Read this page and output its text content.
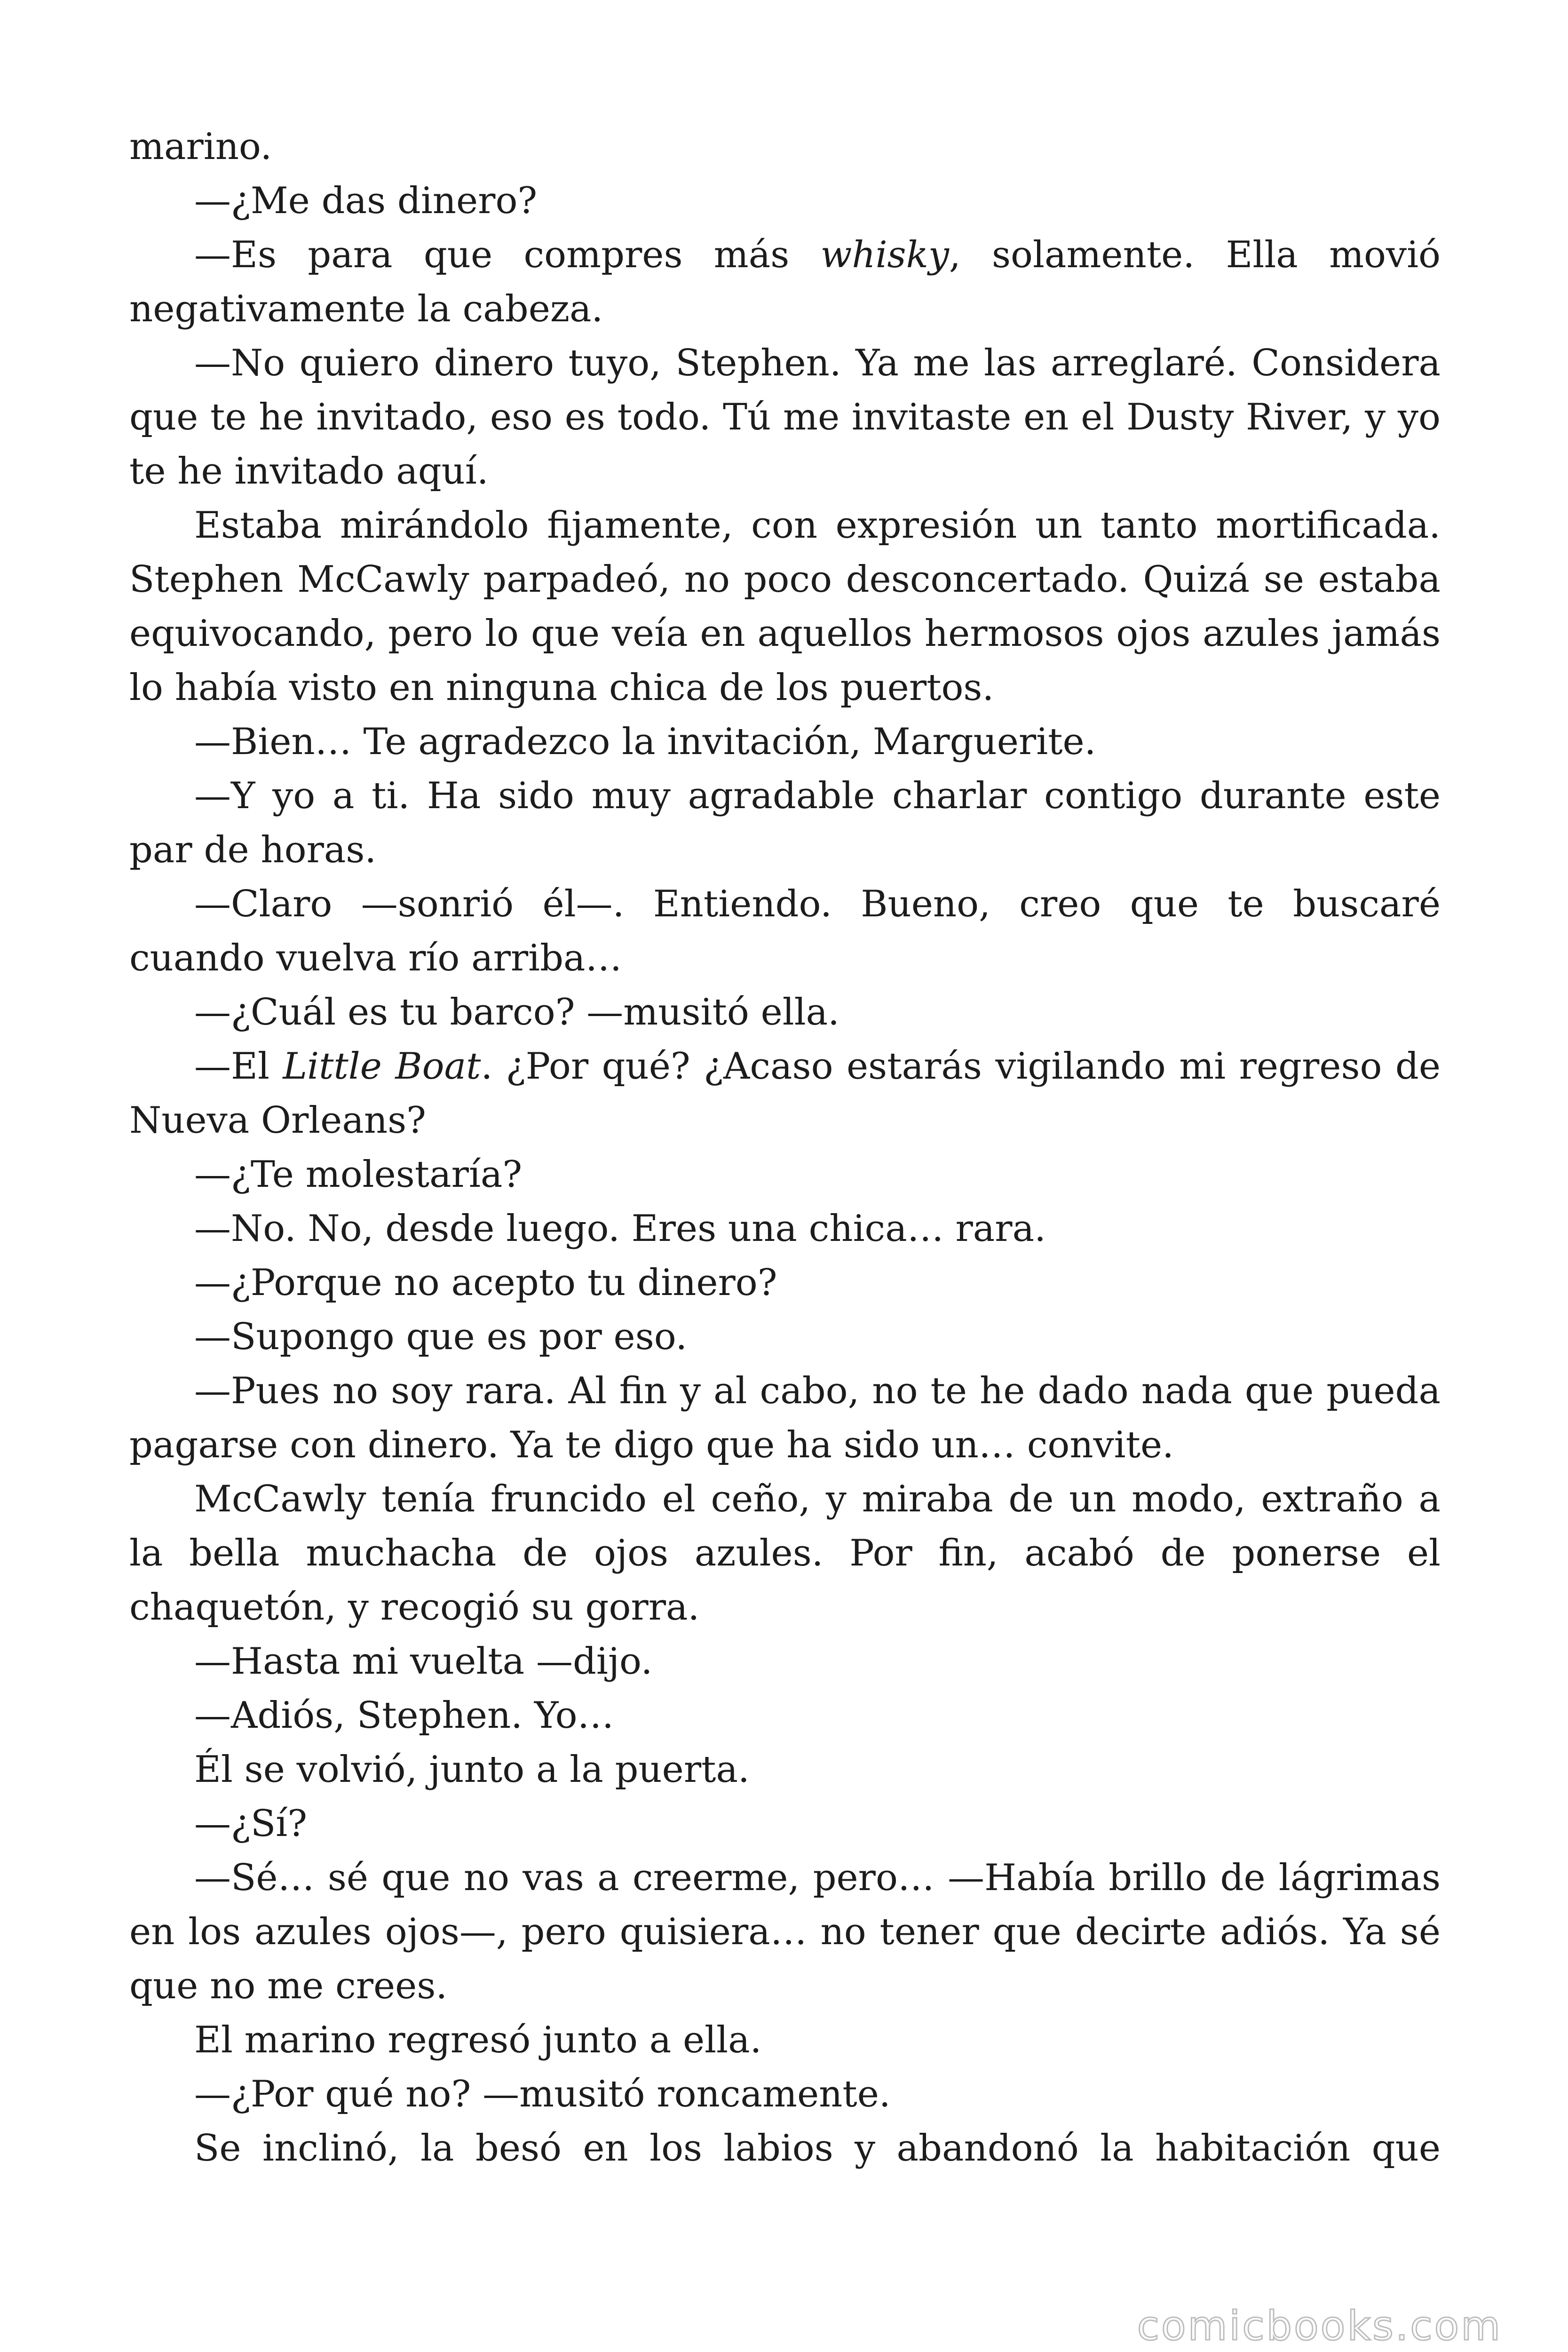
marino.

—¿Me das dinero?

—Es para que compres más whisky, solamente. Ella movió negativamente la cabeza.

—No quiero dinero tuyo, Stephen. Ya me las arreglaré. Considera que te he invitado, eso es todo. Tú me invitaste en el Dusty River, y yo te he invitado aquí.

Estaba mirándolo fijamente, con expresión un tanto mortificada. Stephen McCawly parpadeó, no poco desconcertado. Quizá se estaba equivocando, pero lo que veía en aquellos hermosos ojos azules jamás lo había visto en ninguna chica de los puertos.

—Bien… Te agradezco la invitación, Marguerite.

—Y yo a ti. Ha sido muy agradable charlar contigo durante este par de horas.

—Claro —sonrió él—. Entiendo. Bueno, creo que te buscaré cuando vuelva río arriba…

—¿Cuál es tu barco? —musitó ella.

—El Little Boat. ¿Por qué? ¿Acaso estarás vigilando mi regreso de Nueva Orleans?

—¿Te molestaría?

—No. No, desde luego. Eres una chica… rara.

—¿Porque no acepto tu dinero?

—Supongo que es por eso.

—Pues no soy rara. Al fin y al cabo, no te he dado nada que pueda pagarse con dinero. Ya te digo que ha sido un… convite.

McCawly tenía fruncido el ceño, y miraba de un modo, extraño a la bella muchacha de ojos azules. Por fin, acabó de ponerse el chaquetón, y recogió su gorra.

—Hasta mi vuelta —dijo.

—Adiós, Stephen. Yo…

Él se volvió, junto a la puerta.

—¿Sí?

—Sé… sé que no vas a creerme, pero… —Había brillo de lágrimas en los azules ojos—, pero quisiera… no tener que decirte adiós. Ya sé que no me crees.

El marino regresó junto a ella.

—¿Por qué no? —musitó roncamente.

Se inclinó, la besó en los labios y abandonó la habitación que

comicbooks.com
